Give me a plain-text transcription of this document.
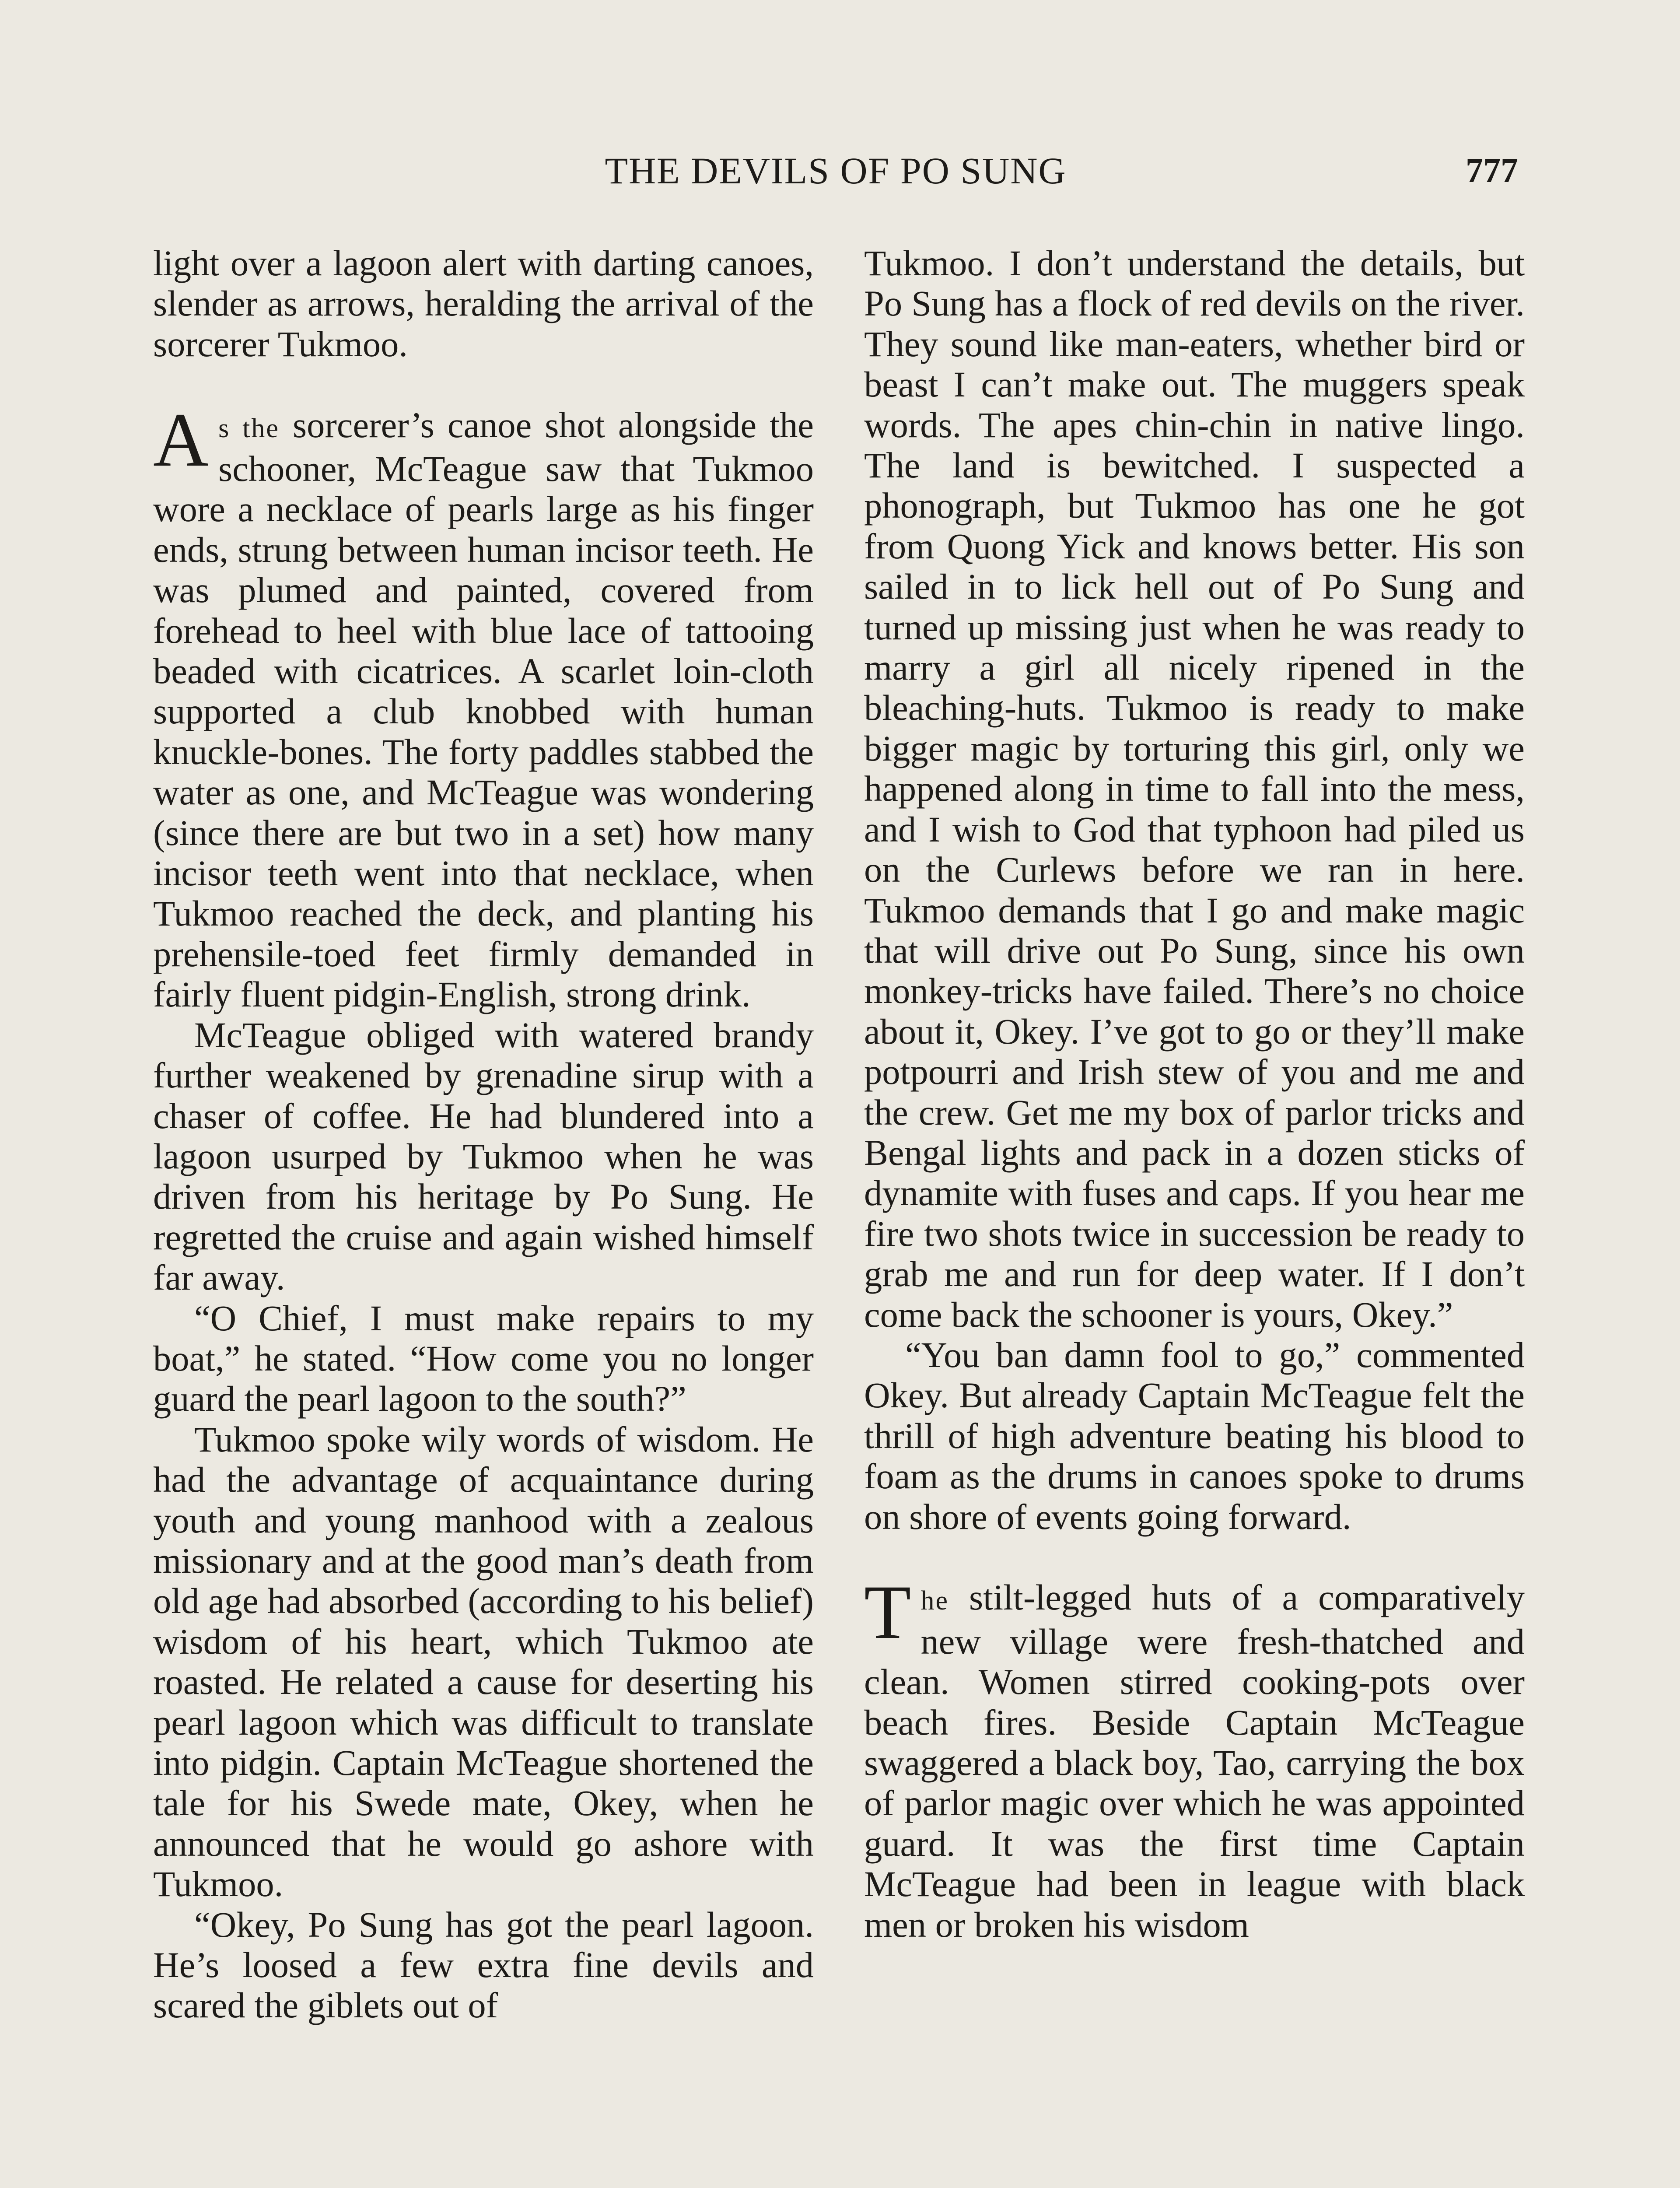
THE DEVILS OF PO SUNG	777

light over a lagoon alert with darting canoes, slender as arrows, heralding the arrival of the sorcerer Tukmoo.

As the sorcerer’s canoe shot alongside the schooner, McTeague saw that Tukmoo wore a necklace of pearls large as his finger ends, strung between human incisor teeth. He was plumed and painted, covered from forehead to heel with blue lace of tattooing beaded with cicatrices. A scarlet loin-cloth supported a club knobbed with human knuckle-bones. The forty paddles stabbed the water as one, and McTeague was wondering (since there are but two in a set) how many incisor teeth went into that necklace, when Tukmoo reached the deck, and planting his prehensile-toed feet firmly demanded in fairly fluent pidgin-English, strong drink.

McTeague obliged with watered brandy further weakened by grenadine sirup with a chaser of coffee. He had blundered into a lagoon usurped by Tukmoo when he was driven from his heritage by Po Sung. He regretted the cruise and again wished himself far away.

“O Chief, I must make repairs to my boat,” he stated. “How come you no longer guard the pearl lagoon to the south?”

Tukmoo spoke wily words of wisdom. He had the advantage of acquaintance during youth and young manhood with a zealous missionary and at the good man’s death from old age had absorbed (according to his belief) wisdom of his heart, which Tukmoo ate roasted. He related a cause for deserting his pearl lagoon which was difficult to translate into pidgin. Captain McTeague shortened the tale for his Swede mate, Okey, when he announced that he would go ashore with Tukmoo.

“Okey, Po Sung has got the pearl lagoon. He’s loosed a few extra fine devils and scared the giblets out of

Tukmoo. I don’t understand the details, but Po Sung has a flock of red devils on the river. They sound like man-eaters, whether bird or beast I can’t make out. The muggers speak words. The apes chin-chin in native lingo. The land is bewitched. I suspected a phonograph, but Tukmoo has one he got from Quong Yick and knows better. His son sailed in to lick hell out of Po Sung and turned up missing just when he was ready to marry a girl all nicely ripened in the bleaching-huts. Tukmoo is ready to make bigger magic by torturing this girl, only we happened along in time to fall into the mess, and I wish to God that typhoon had piled us on the Curlews before we ran in here. Tukmoo demands that I go and make magic that will drive out Po Sung, since his own monkey-tricks have failed. There’s no choice about it, Okey. I’ve got to go or they’ll make potpourri and Irish stew of you and me and the crew. Get me my box of parlor tricks and Bengal lights and pack in a dozen sticks of dynamite with fuses and caps. If you hear me fire two shots twice in succession be ready to grab me and run for deep water. If I don’t come back the schooner is yours, Okey.”

“You ban damn fool to go,” commented Okey. But already Captain McTeague felt the thrill of high adventure beating his blood to foam as the drums in canoes spoke to drums on shore of events going forward.

The stilt-legged huts of a comparatively new village were fresh-thatched and clean. Women stirred cooking-pots over beach fires. Beside Captain McTeague swaggered a black boy, Tao, carrying the box of parlor magic over which he was appointed guard. It was the first time Captain McTeague had been in league with black men or broken his wisdom
